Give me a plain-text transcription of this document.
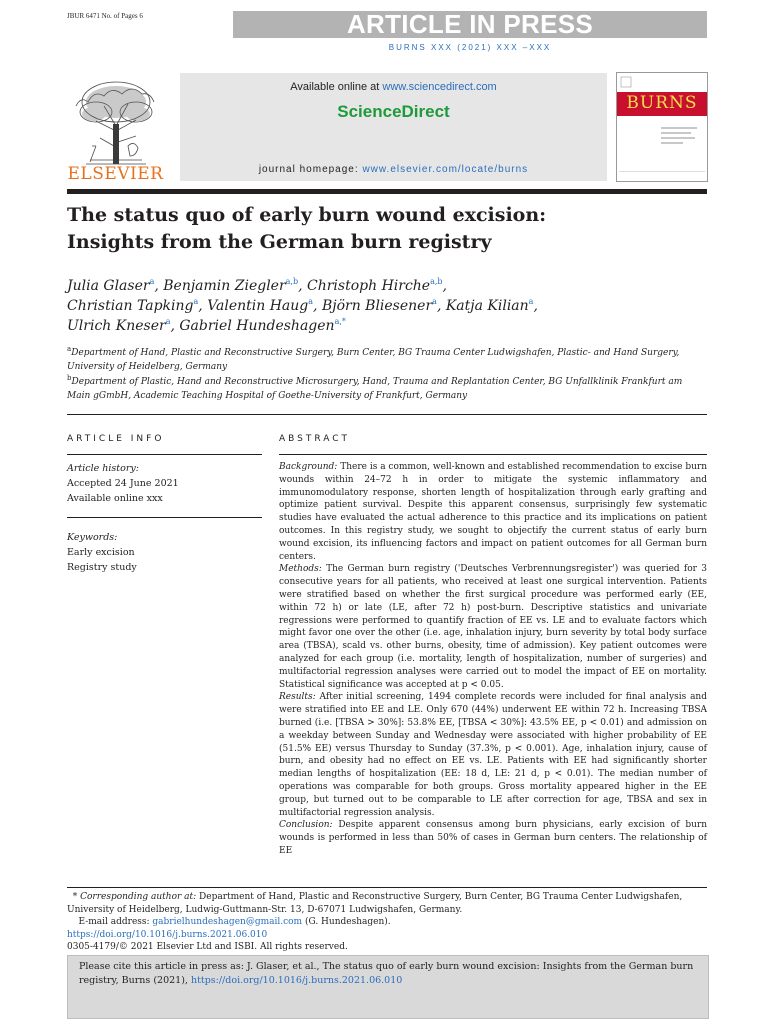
JBUR 6471 No. of Pages 6	ARTICLE IN PRESS
BURNS XXX (2021) XXX –XXX
ELSEVIER
Available online at www.sciencedirect.com
ScienceDirect
journal homepage: www.elsevier.com/locate/burns
BURNS
The status quo of early burn wound excision:
Insights from the German burn registry
Julia Glaser$^a$, Benjamin Ziegler$^{a,b}$, Christoph Hirche$^{a,b}$,
Christian Tapking$^a$, Valentin Haug$^a$, Björn Bliesener$^a$, Katja Kilian$^a$,
Ulrich Kneser$^a$, Gabriel Hundeshagen$^{a,*}$
$^a$Department of Hand, Plastic and Reconstructive Surgery, Burn Center, BG Trauma Center Ludwigshafen, Plastic- and Hand Surgery, University of Heidelberg, Germany
$^b$Department of Plastic, Hand and Reconstructive Microsurgery, Hand, Trauma and Replantation Center, BG Unfallklinik Frankfurt am Main gGmbH, Academic Teaching Hospital of Goethe-University of Frankfurt, Germany
ARTICLE INFO
Article history:
Accepted 24 June 2021
Available online xxx
Keywords:
Early excision
Registry study
ABSTRACT

Background: There is a common, well-known and established recommendation to excise burn wounds within 24–72 h in order to mitigate the systemic inflammatory and immunomodulatory response, shorten length of hospitalization through early grafting and optimize patient survival. Despite this apparent consensus, surprisingly few systematic studies have evaluated the actual adherence to this practice and its implications on patient outcomes. In this registry study, we sought to objectify the current status of early burn wound excision, its influencing factors and impact on patient outcomes for all German burn centers.

Methods: The German burn registry ('Deutsches Verbrennungsregister') was queried for 3 consecutive years for all patients, who received at least one surgical intervention. Patients were stratified based on whether the first surgical procedure was performed early (EE, within 72 h) or late (LE, after 72 h) post-burn. Descriptive statistics and univariate regressions were performed to quantify fraction of EE vs. LE and to evaluate factors which might favor one over the other (i.e. age, inhalation injury, burn severity by total body surface area (TBSA), scald vs. other burns, obesity, time of admission). Key patient outcomes were analyzed for each group (i.e. mortality, length of hospitalization, number of surgeries) and multifactorial regression analyses were carried out to model the impact of EE on mortality. Statistical significance was accepted at p < 0.05.

Results: After initial screening, 1494 complete records were included for final analysis and were stratified into EE and LE. Only 670 (44%) underwent EE within 72 h. Increasing TBSA burned (i.e. [TBSA > 30%]: 53.8% EE, [TBSA < 30%]: 43.5% EE, p < 0.01) and admission on a weekday between Sunday and Wednesday were associated with higher probability of EE (51.5% EE) versus Thursday to Sunday (37.3%, p < 0.001). Age, inhalation injury, cause of burn, and obesity had no effect on EE vs. LE. Patients with EE had significantly shorter median lengths of hospitalization (EE: 18 d, LE: 21 d, p < 0.01). The median number of operations was comparable for both groups. Gross mortality appeared higher in the EE group, but turned out to be comparable to LE after correction for age, TBSA and sex in multifactorial regression analysis.

Conclusion: Despite apparent consensus among burn physicians, early excision of burn wounds is performed in less than 50% of cases in German burn centers. The relationship of EE

* Corresponding author at: Department of Hand, Plastic and Reconstructive Surgery, Burn Center, BG Trauma Center Ludwigshafen, University of Heidelberg, Ludwig-Guttmann-Str. 13, D-67071 Ludwigshafen, Germany.
E-mail address: gabrielhundeshagen@gmail.com (G. Hundeshagen).
https://doi.org/10.1016/j.burns.2021.06.010
0305-4179/© 2021 Elsevier Ltd and ISBI. All rights reserved.
Please cite this article in press as: J. Glaser, et al., The status quo of early burn wound excision: Insights from the German burn registry, Burns (2021), https://doi.org/10.1016/j.burns.2021.06.010
